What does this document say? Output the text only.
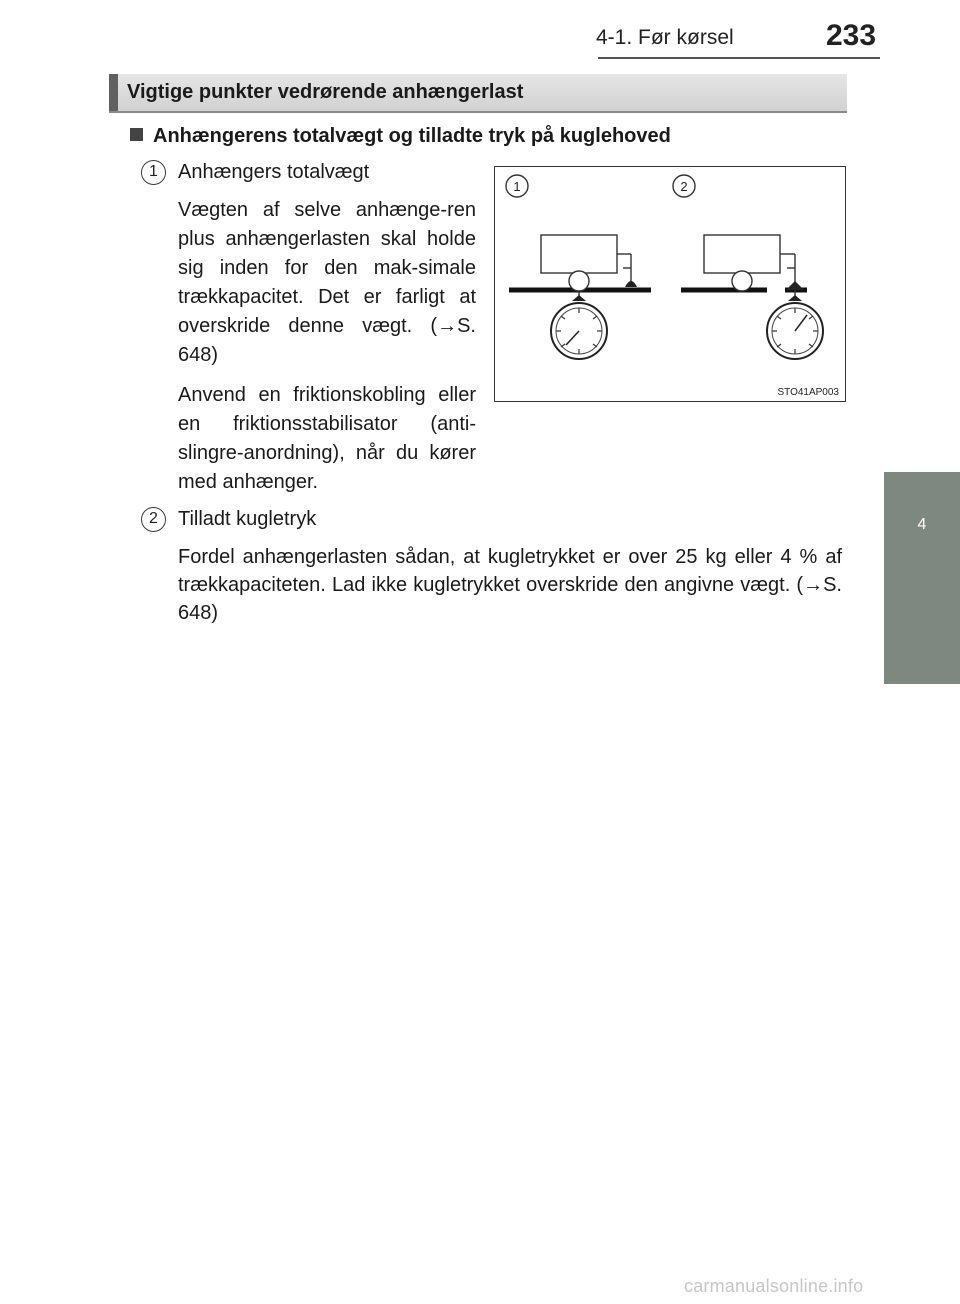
4-1. Før kørsel	233
4
Kørsel
Vigtige punkter vedrørende anhængerlast
Anhængerens totalvægt og tilladte tryk på kuglehoved
1	Anhængers totalvægt
Vægten af selve anhænge-ren plus anhængerlasten skal holde sig inden for den mak-simale trækkapacitet. Det er farligt at overskride denne vægt. (→S. 648)
Anvend en friktionskobling eller en friktionsstabilisator (anti-slingre-anordning), når du kører med anhænger.
1	2
STO41AP003
2	Tilladt kugletryk
Fordel anhængerlasten sådan, at kugletrykket er over 25 kg eller 4 % af trækkapaciteten. Lad ikke kugletrykket overskride den angivne vægt. (→S. 648)
carmanualsonline.info
